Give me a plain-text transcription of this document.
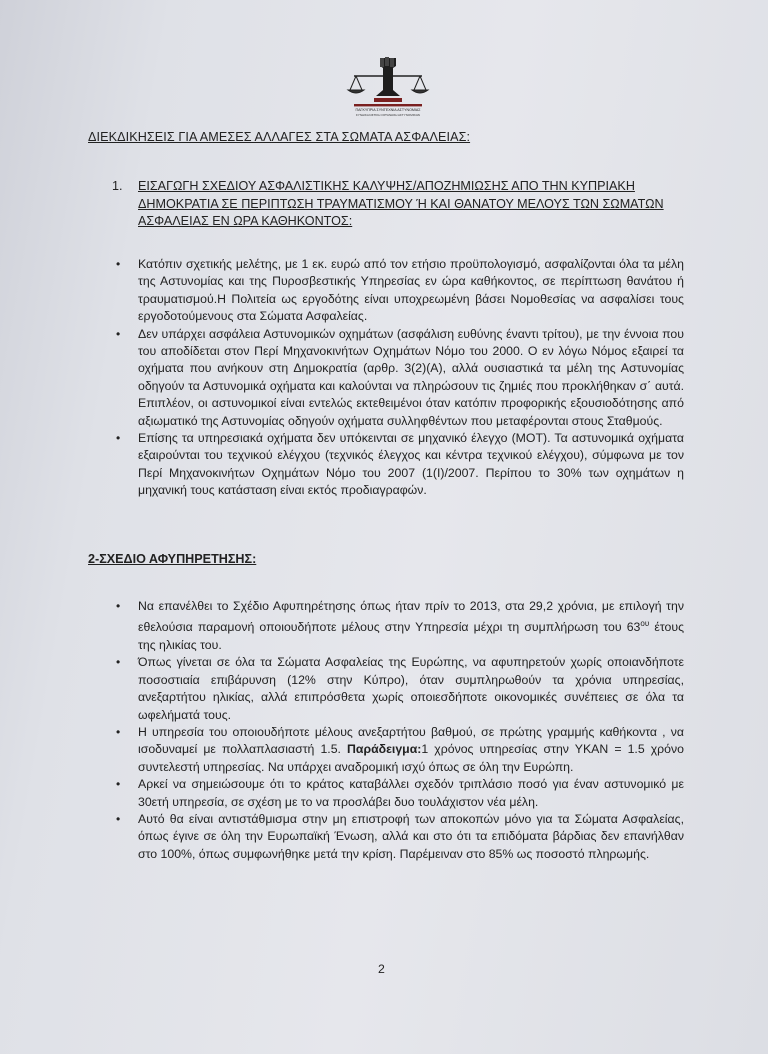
ΠΑΓΚΥΠΡΙΑ ΣΥΝΤΕΧΝΙΑ ΑΣΤΥΝΟΜΙΑΣ
ΣΥΝΔΙΚΑΛΙΣΤΙΚΗ ΟΡΓΑΝΩΣΗ ΑΣΤΥΝΟΜΙΚΩΝ
ΔΙΕΚΔΙΚΗΣΕΙΣ ΓΙΑ ΑΜΕΣΕΣ ΑΛΛΑΓΕΣ ΣΤΑ ΣΩΜΑΤΑ ΑΣΦΑΛΕΙΑΣ:
1. ΕΙΣΑΓΩΓΗ ΣΧΕΔΙΟΥ ΑΣΦΑΛΙΣΤΙΚΗΣ ΚΑΛΥΨΗΣ/ΑΠΟΖΗΜΙΩΣΗΣ ΑΠΟ ΤΗΝ ΚΥΠΡΙΑΚΗ ΔΗΜΟΚΡΑΤΙΑ ΣΕ ΠΕΡΙΠΤΩΣΗ ΤΡΑΥΜΑΤΙΣΜΟΥ Ή ΚΑΙ ΘΑΝΑΤΟΥ ΜΕΛΟΥΣ ΤΩΝ ΣΩΜΑΤΩΝ ΑΣΦΑΛΕΙΑΣ ΕΝ ΩΡΑ ΚΑΘΗΚΟΝΤΟΣ:
• Κατόπιν σχετικής μελέτης, με 1 εκ. ευρώ από τον ετήσιο προϋπολογισμό, ασφαλίζονται όλα τα μέλη της Αστυνομίας και της Πυροσβεστικής Υπηρεσίας εν ώρα καθήκοντος, σε περίπτωση θανάτου ή τραυματισμού.Η Πολιτεία ως εργοδότης είναι υποχρεωμένη βάσει Νομοθεσίας να ασφαλίσει τους εργοδοτούμενους στα Σώματα Ασφαλείας.
• Δεν υπάρχει ασφάλεια Αστυνομικών οχημάτων (ασφάλιση ευθύνης έναντι τρίτου), με την έννοια που του αποδίδεται στον Περί Μηχανοκινήτων Οχημάτων Νόμο του 2000. Ο εν λόγω Νόμος εξαιρεί τα οχήματα που ανήκουν στη Δημοκρατία (αρθρ. 3(2)(Α), αλλά ουσιαστικά τα μέλη της Αστυνομίας οδηγούν τα Αστυνομικά οχήματα και καλούνται να πληρώσουν τις ζημιές που προκλήθηκαν σ΄ αυτά. Επιπλέον, οι αστυνομικοί είναι εντελώς εκτεθειμένοι όταν κατόπιν προφορικής εξουσιοδότησης από αξιωματικό της Αστυνομίας οδηγούν οχήματα συλληφθέντων που μεταφέρονται στους Σταθμούς.
• Επίσης τα υπηρεσιακά οχήματα δεν υπόκεινται σε μηχανικό έλεγχο (ΜΟΤ). Τα αστυνομικά οχήματα εξαιρούνται του τεχνικού ελέγχου (τεχνικός έλεγχος και κέντρα τεχνικού ελέγχου), σύμφωνα με τον Περί Μηχανοκινήτων Οχημάτων Νόμο του 2007 (1(I)/2007. Περίπου το 30% των οχημάτων η μηχανική τους κατάσταση είναι εκτός προδιαγραφών.
2-ΣΧΕΔΙΟ ΑΦΥΠΗΡΕΤΗΣΗΣ:
• Να επανέλθει το Σχέδιο Αφυπηρέτησης όπως ήταν πρίν το 2013, στα 29,2 χρόνια, με επιλογή την εθελούσια παραμονή οποιουδήποτε μέλους στην Υπηρεσία μέχρι τη συμπλήρωση του $63^{o\upsilon}$ έτους της ηλικίας του.
• Όπως γίνεται σε όλα τα Σώματα Ασφαλείας της Ευρώπης, να αφυπηρετούν χωρίς οποιανδήποτε ποσοστιαία επιβάρυνση (12% στην Κύπρο), όταν συμπληρωθούν τα χρόνια υπηρεσίας, ανεξαρτήτου ηλικίας, αλλά επιπρόσθετα χωρίς οποιεσδήποτε οικονομικές συνέπειες σε όλα τα ωφελήματά τους.
• Η υπηρεσία του οποιουδήποτε μέλους ανεξαρτήτου βαθμού, σε πρώτης γραμμής καθήκοντα , να ισοδυναμεί με πολλαπλασιαστή 1.5. Παράδειγμα:1 χρόνος υπηρεσίας στην ΥΚΑΝ = 1.5 χρόνο συντελεστή υπηρεσίας. Να υπάρχει αναδρομική ισχύ όπως σε όλη την Ευρώπη.
• Αρκεί να σημειώσουμε ότι το κράτος καταβάλλει σχεδόν τριπλάσιο ποσό για έναν αστυνομικό με 30ετή υπηρεσία, σε σχέση με το να προσλάβει δυο τουλάχιστον νέα μέλη.
• Αυτό θα είναι αντιστάθμισμα στην μη επιστροφή των αποκοπών μόνο για τα Σώματα Ασφαλείας, όπως έγινε σε όλη την Ευρωπαϊκή Ένωση, αλλά και στο ότι τα επιδόματα βάρδιας δεν επανήλθαν στο 100%, όπως συμφωνήθηκε μετά την κρίση. Παρέμειναν στο 85% ως ποσοστό πληρωμής.
2
